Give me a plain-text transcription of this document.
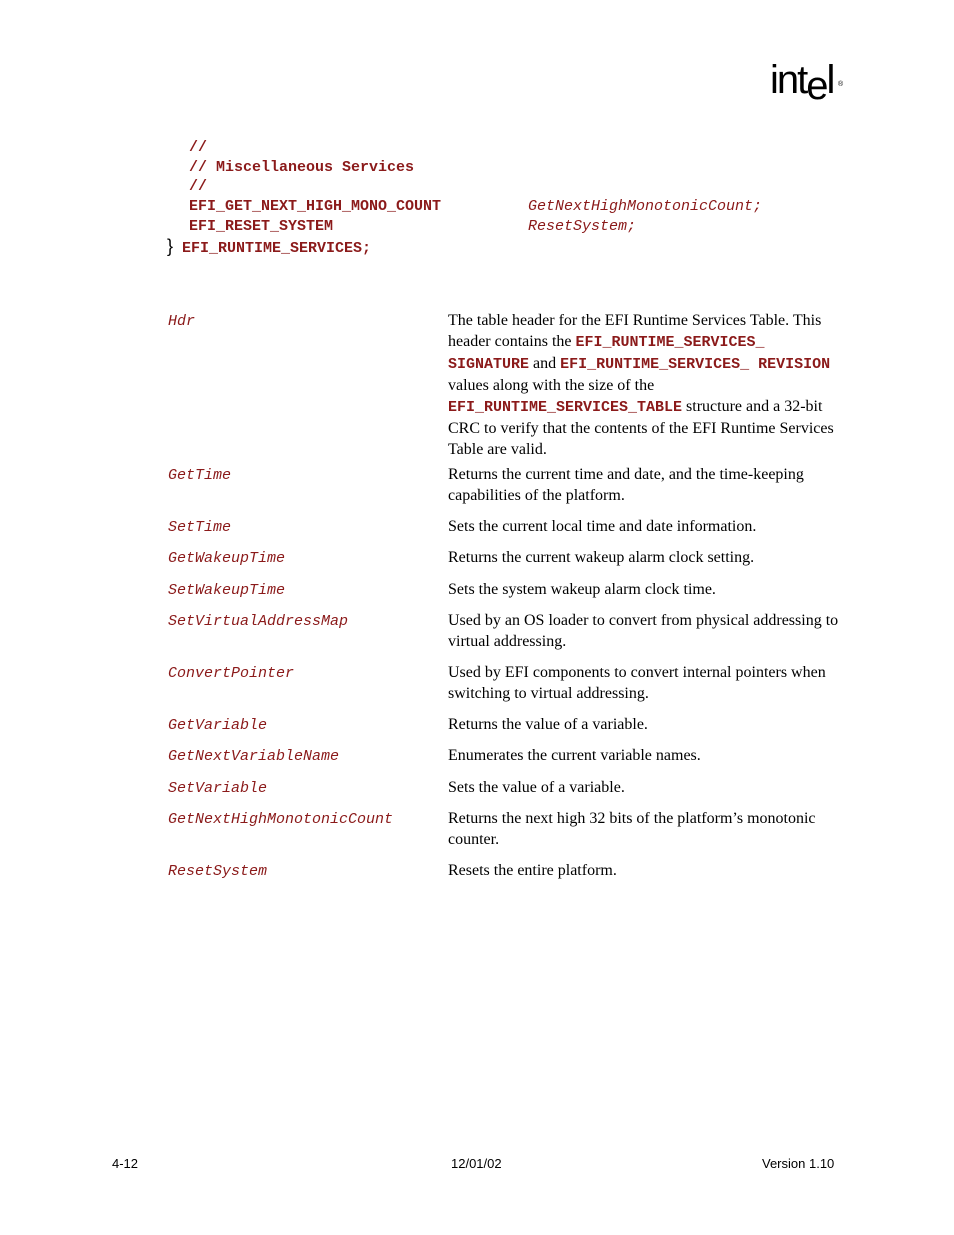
intel ®
//
// Miscellaneous Services
//
EFI_GET_NEXT_HIGH_MONO_COUNT	GetNextHighMonotonicCount;
EFI_RESET_SYSTEM	ResetSystem;
} EFI_RUNTIME_SERVICES;
Hdr	The table header for the EFI Runtime Services Table. This header contains the EFI_RUNTIME_SERVICES_ SIGNATURE and EFI_RUNTIME_SERVICES_ REVISION values along with the size of the EFI_RUNTIME_SERVICES_TABLE structure and a 32-bit CRC to verify that the contents of the EFI Runtime Services Table are valid.
GetTime	Returns the current time and date, and the time-keeping capabilities of the platform.
SetTime	Sets the current local time and date information.
GetWakeupTime	Returns the current wakeup alarm clock setting.
SetWakeupTime	Sets the system wakeup alarm clock time.
SetVirtualAddressMap	Used by an OS loader to convert from physical addressing to virtual addressing.
ConvertPointer	Used by EFI components to convert internal pointers when switching to virtual addressing.
GetVariable	Returns the value of a variable.
GetNextVariableName	Enumerates the current variable names.
SetVariable	Sets the value of a variable.
GetNextHighMonotonicCount	Returns the next high 32 bits of the platform’s monotonic counter.
ResetSystem	Resets the entire platform.
4-12	12/01/02	Version 1.10
